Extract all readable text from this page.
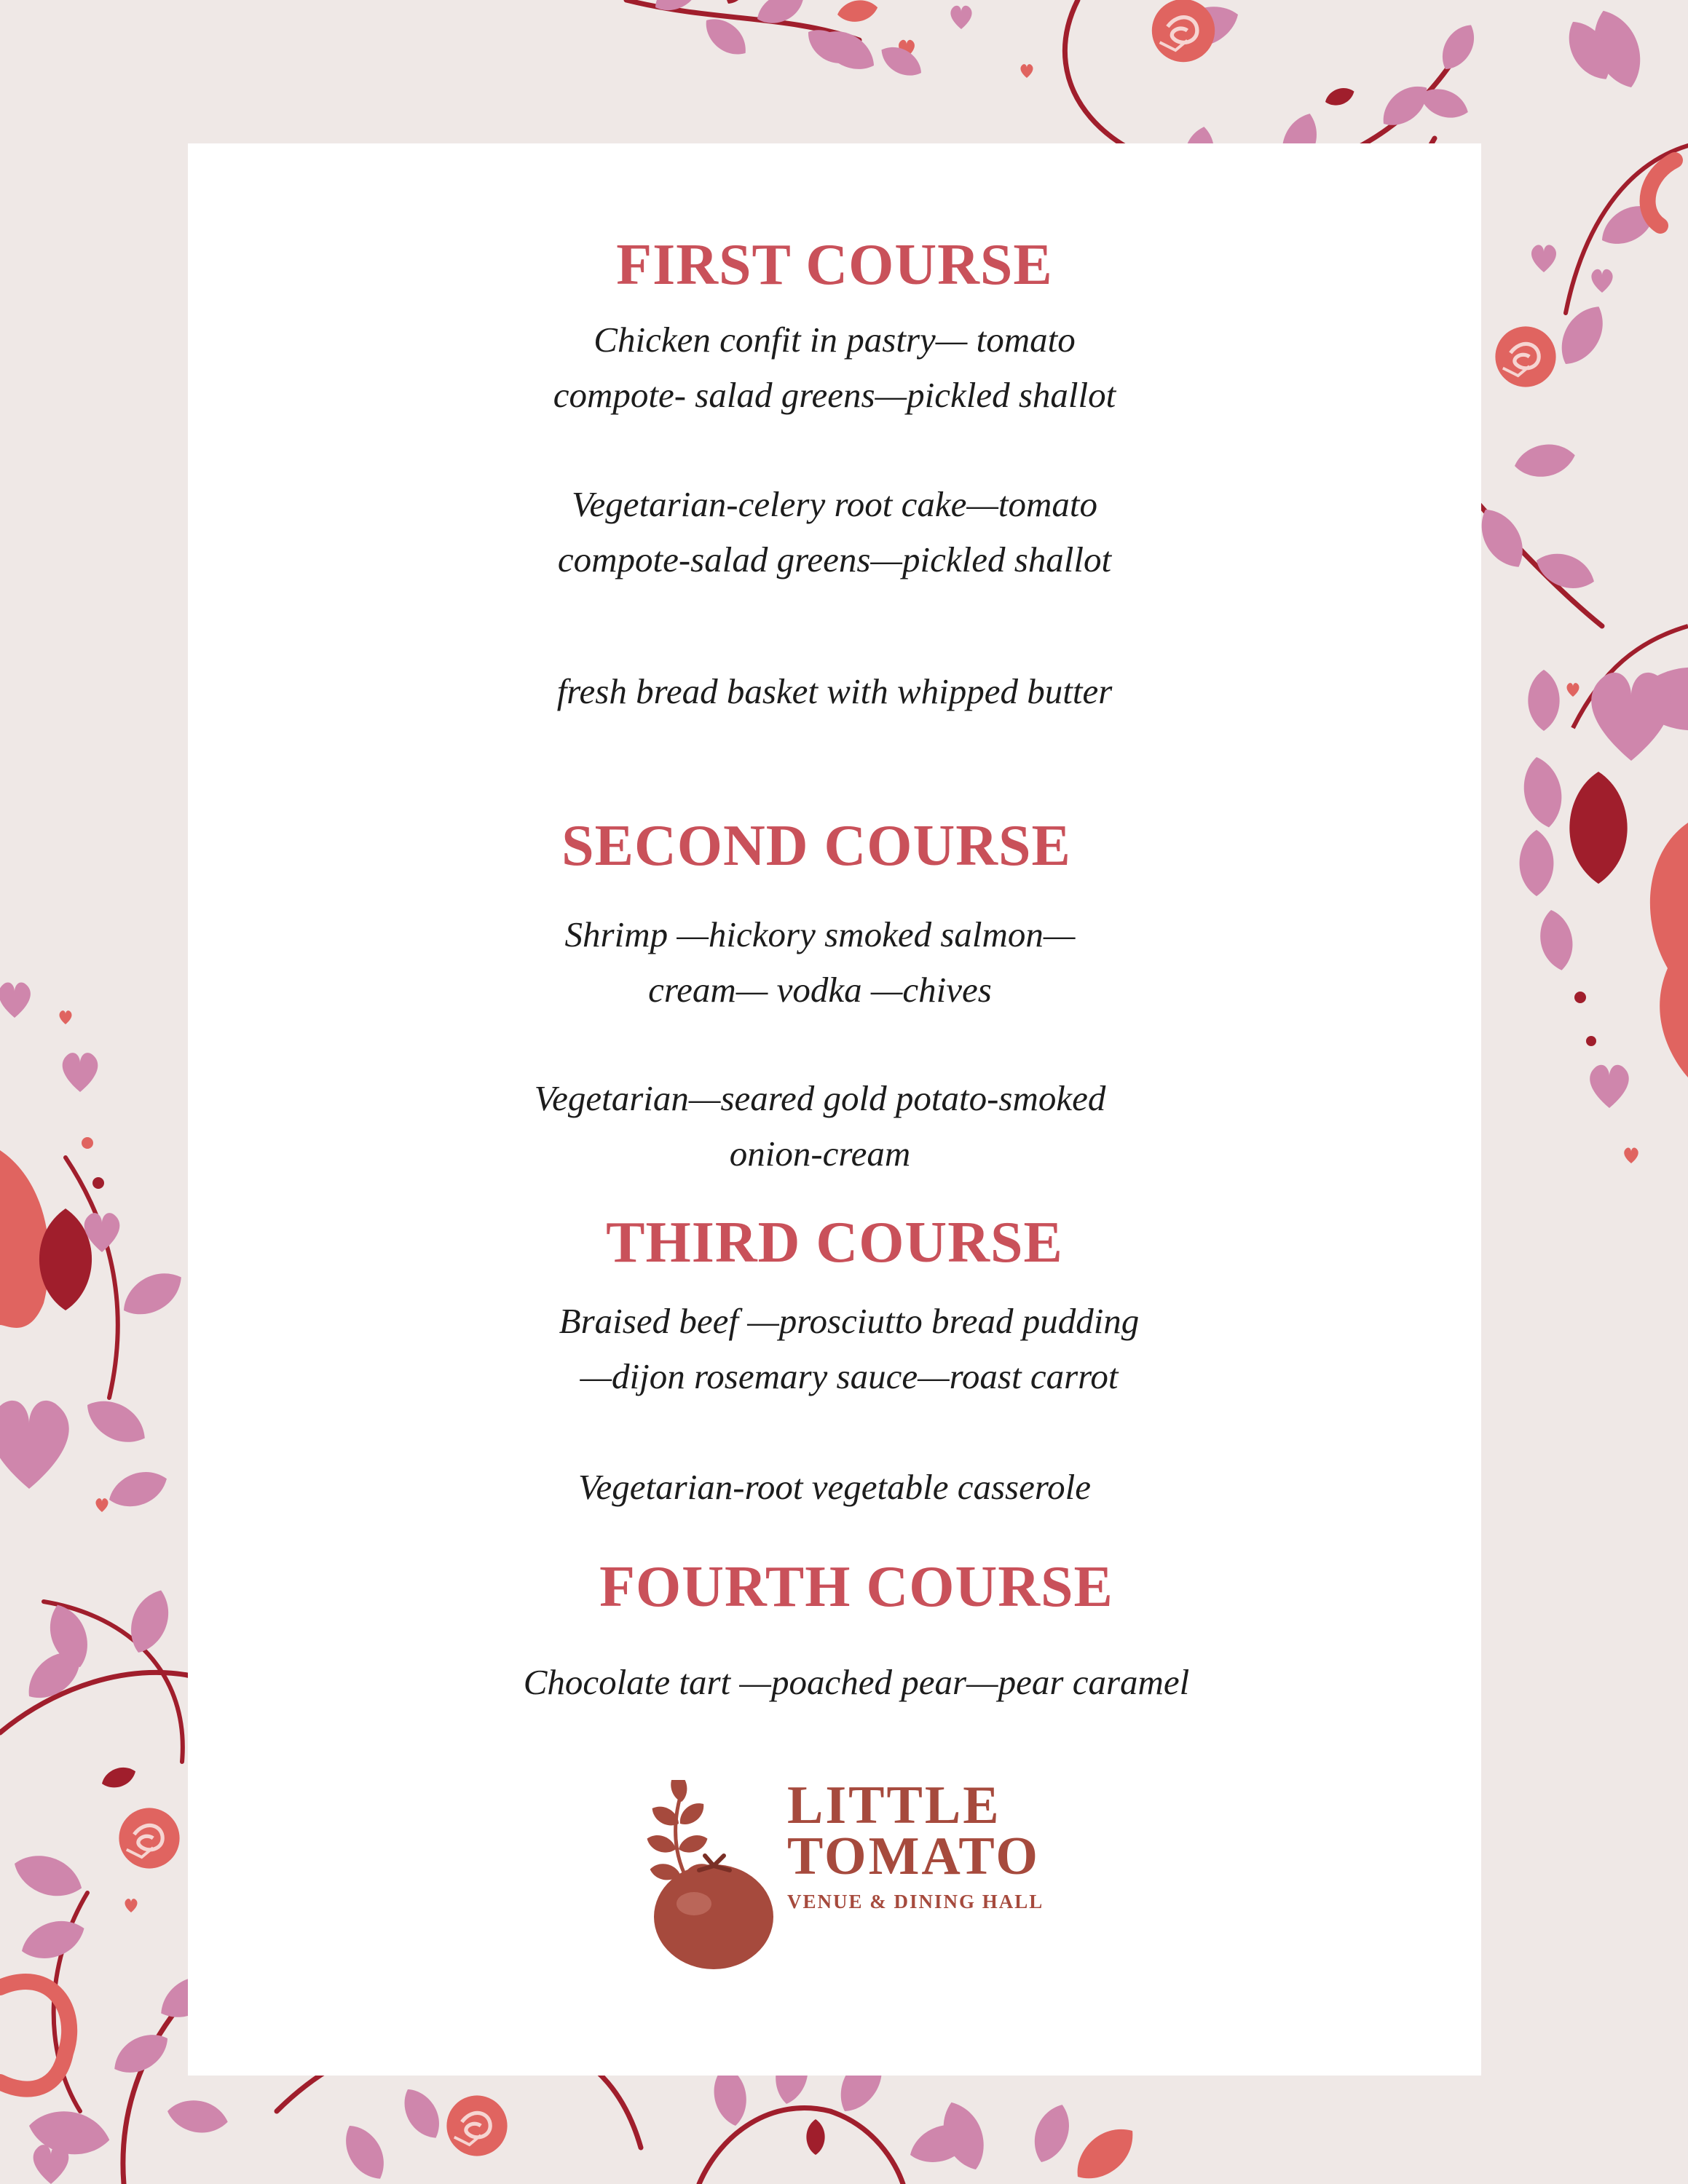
FIRST COURSE
Chicken confit in pastry— tomato
compote- salad greens—pickled shallot
Vegetarian-celery root cake—tomato
compote-salad greens—pickled shallot
fresh bread basket with whipped butter
SECOND COURSE
Shrimp —hickory smoked salmon—
cream— vodka —chives
Vegetarian—seared gold potato-smoked
onion-cream
THIRD COURSE
Braised beef —prosciutto bread pudding
—dijon rosemary sauce—roast carrot
Vegetarian-root vegetable casserole
FOURTH COURSE
Chocolate tart —poached pear—pear caramel
LITTLE
TOMATO
VENUE & DINING HALL
